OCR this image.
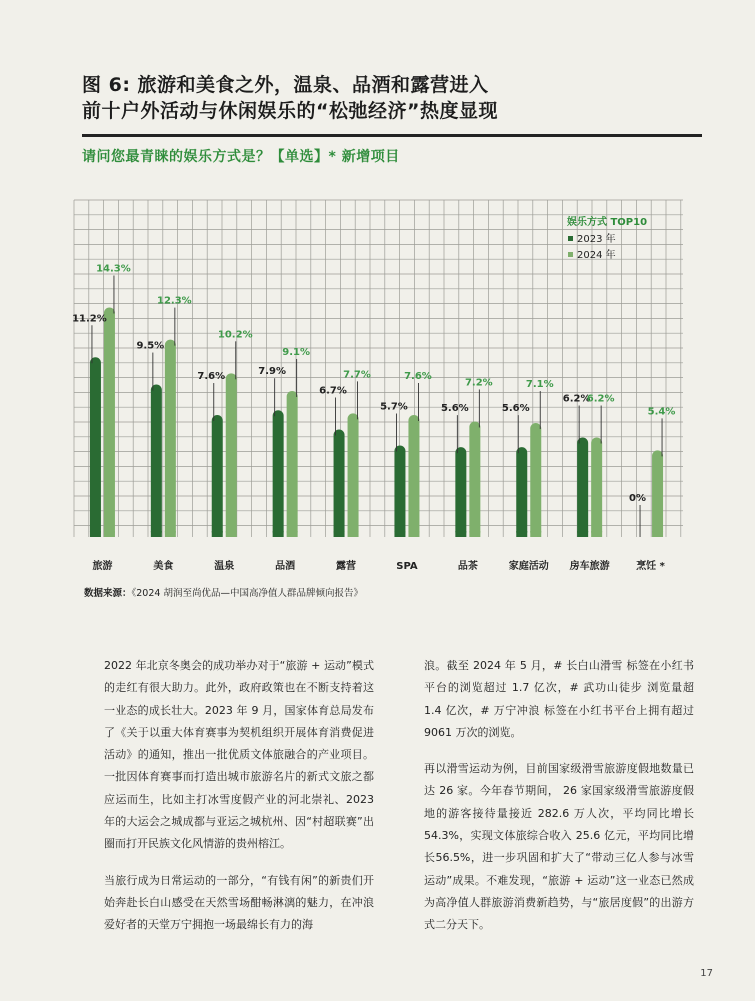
图 6: 旅游和美食之外，温泉、品酒和露营进入
前十户外活动与休闲娱乐的“松弛经济”热度显现
请问您最青睐的娱乐方式是？【单选】* 新增项目
11.2%
14.3%
旅游
9.5%
12.3%
美食
7.6%
10.2%
温泉
7.9%
9.1%
品酒
6.7%
7.7%
露营
5.7%
7.6%
SPA
5.6%
7.2%
品茶
5.6%
7.1%
家庭活动
6.2%
6.2%
房车旅游
0%
5.4%
烹饪 *
娱乐方式 TOP10
2023 年
2024 年
数据来源：《2024 胡润至尚优品—中国高净值人群品牌倾向报告》

2022 年北京冬奥会的成功举办对于“旅游 + 运动”模式的走红有很大助力。此外，政府政策也在不断支持着这一业态的成长壮大。2023 年 9 月，国家体育总局发布了《关于以重大体育赛事为契机组织开展体育消费促进活动》的通知，推出一批优质文体旅融合的产业项目。一批因体育赛事而打造出城市旅游名片的新式文旅之都应运而生，比如主打冰雪度假产业的河北崇礼、2023 年的大运会之城成都与亚运之城杭州、因“村超联赛”出圈而打开民族文化风情游的贵州榕江。

当旅行成为日常运动的一部分，“有钱有闲”的新贵们开始奔赴长白山感受在天然雪场酣畅淋漓的魅力，在冲浪爱好者的天堂万宁拥抱一场最绵长有力的海

浪。截至 2024 年 5 月，# 长白山滑雪 标签在小红书平台的浏览超过 1.7 亿次，# 武功山徒步 浏览量超 1.4 亿次，# 万宁冲浪 标签在小红书平台上拥有超过 9061 万次的浏览。

再以滑雪运动为例，目前国家级滑雪旅游度假地数量已达 26 家。今年春节期间， 26 家国家级滑雪旅游度假地的游客接待量接近 282.6 万人次，平均同比增长 54.3%，实现文体旅综合收入 25.6 亿元，平均同比增长56.5%，进一步巩固和扩大了“带动三亿人参与冰雪运动”成果。不难发现，“旅游 + 运动”这一业态已然成为高净值人群旅游消费新趋势，与“旅居度假”的出游方式二分天下。

17
